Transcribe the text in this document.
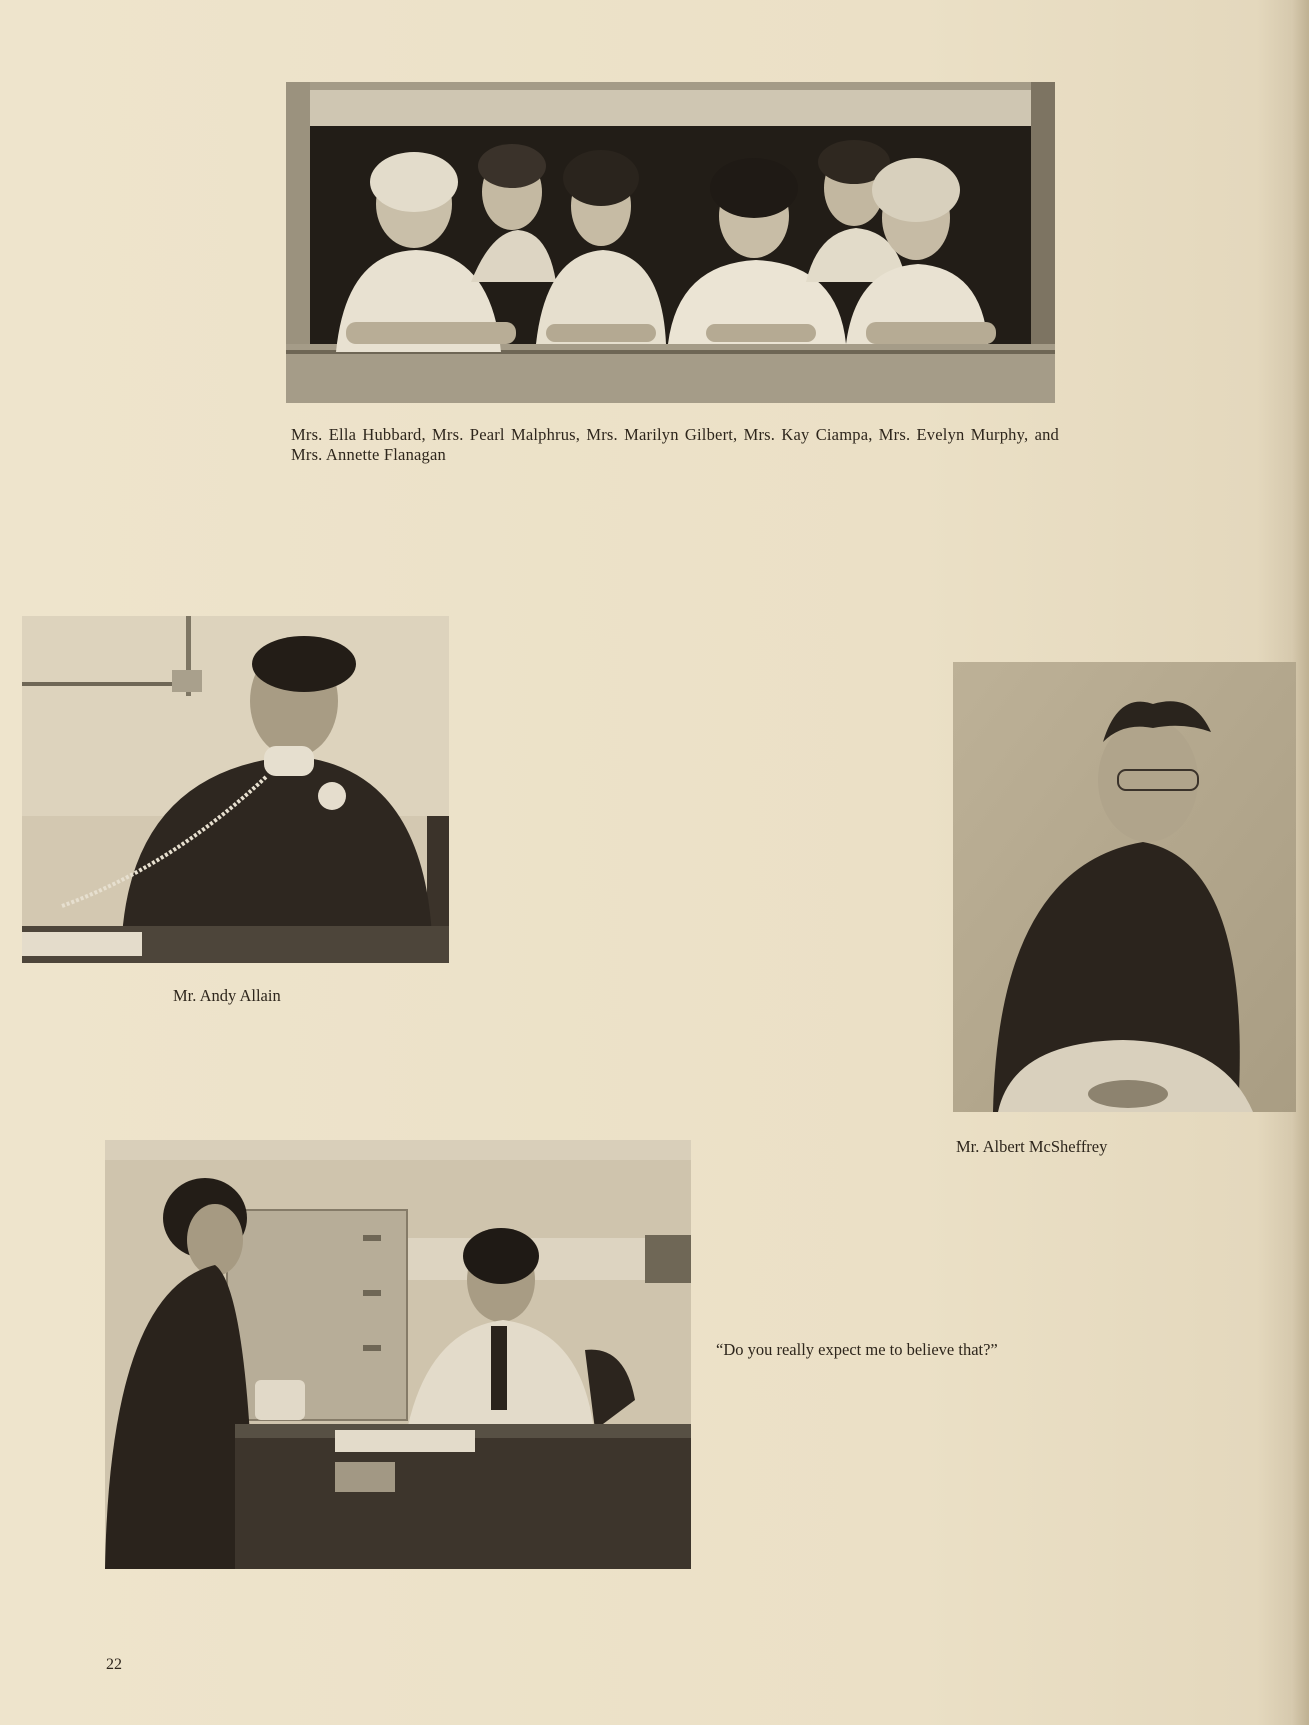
Mrs. Ella Hubbard, Mrs. Pearl Malphrus, Mrs. Marilyn Gilbert, Mrs. Kay Ciampa, Mrs. Evelyn Murphy, and Mrs. Annette Flanagan

Mr. Andy Allain

Mr. Albert McSheffrey

“Do you really expect me to believe that?”

22
